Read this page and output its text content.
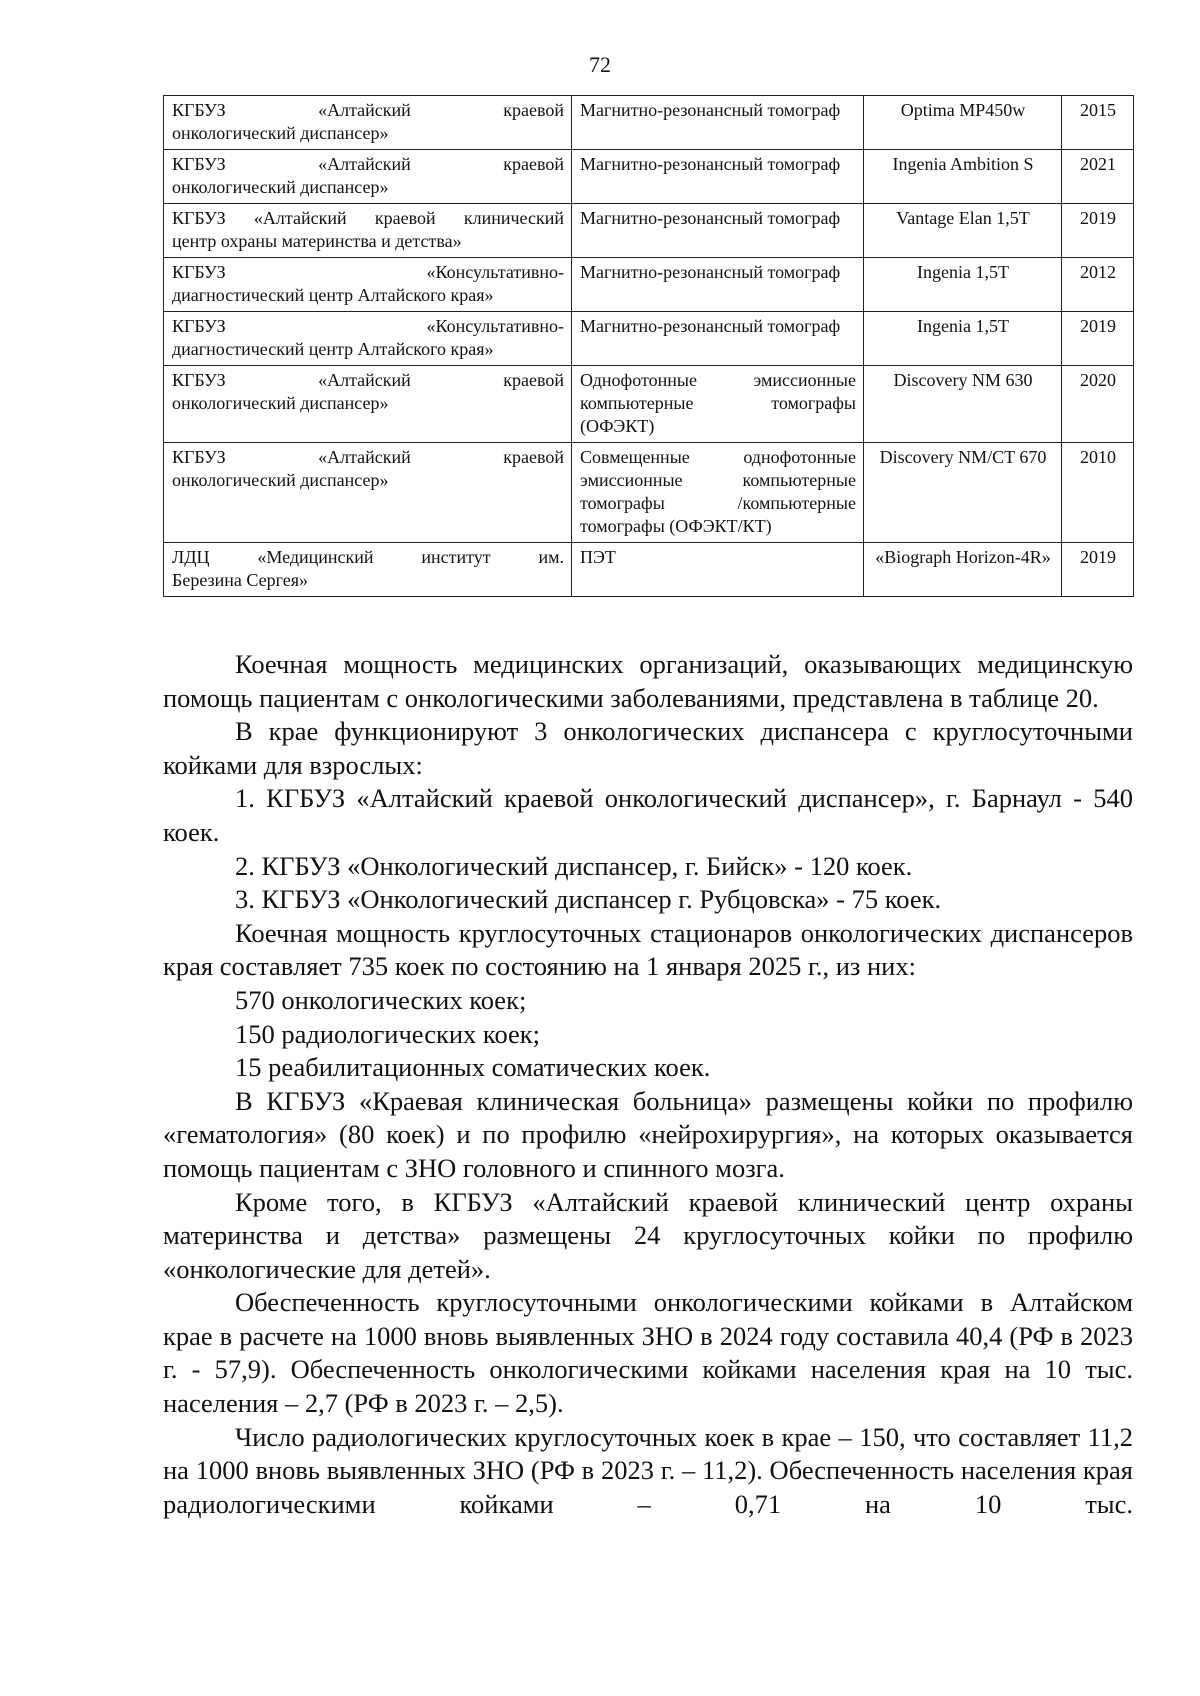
72
КГБУЗ «Алтайский краевой
онкологический диспансер»	Магнитно-резонансный томограф	Optima MP450w	2015

КГБУЗ «Алтайский краевой
онкологический диспансер»	Магнитно-резонансный томограф	Ingenia Ambition S	2021

КГБУЗ «Алтайский краевой клинический
центр охраны материнства и детства»	Магнитно-резонансный томограф	Vantage Elan 1,5T	2019

КГБУЗ «Консультативно-
диагностический центр Алтайского края»	Магнитно-резонансный томограф	Ingenia 1,5T	2012

КГБУЗ «Консультативно-
диагностический центр Алтайского края»	Магнитно-резонансный томограф	Ingenia 1,5T	2019

КГБУЗ «Алтайский краевой
онкологический диспансер»	Однофотонные эмиссионные компьютерные томографы (ОФЭКТ)	Discovery NM 630	2020

КГБУЗ «Алтайский краевой
онкологический диспансер»	Совмещенные однофотонные эмиссионные компьютерные томографы /компьютерные томографы (ОФЭКТ/КТ)	Discovery NM/CT 670	2010

ЛДЦ «Медицинский институт им.
Березина Сергея»	ПЭТ	«Biograph Horizon-4R»	2019

Коечная мощность медицинских организаций, оказывающих медицинскую помощь пациентам с онкологическими заболеваниями, представлена в таблице 20.

В крае функционируют 3 онкологических диспансера с круглосуточными койками для взрослых:

1. КГБУЗ «Алтайский краевой онкологический диспансер», г. Барнаул - 540 коек.

2. КГБУЗ «Онкологический диспансер, г. Бийск» - 120 коек.

3. КГБУЗ «Онкологический диспансер г. Рубцовска» - 75 коек.

Коечная мощность круглосуточных стационаров онкологических диспансеров края составляет 735 коек по состоянию на 1 января 2025 г., из них:

570 онкологических коек;

150 радиологических коек;

15 реабилитационных соматических коек.

В КГБУЗ «Краевая клиническая больница» размещены койки по профилю «гематология» (80 коек) и по профилю «нейрохирургия», на которых оказывается помощь пациентам с ЗНО головного и спинного мозга.

Кроме того, в КГБУЗ «Алтайский краевой клинический центр охраны материнства и детства» размещены 24 круглосуточных койки по профилю «онкологические для детей».

Обеспеченность круглосуточными онкологическими койками в Алтайском крае в расчете на 1000 вновь выявленных ЗНО в 2024 году составила 40,4 (РФ в 2023 г. - 57,9). Обеспеченность онкологическими койками населения края на 10 тыс. населения – 2,7 (РФ в 2023 г. – 2,5).

Число радиологических круглосуточных коек в крае – 150, что составляет 11,2 на 1000 вновь выявленных ЗНО (РФ в 2023 г. – 11,2). Обеспеченность населения края радиологическими койками – 0,71 на 10 тыс.
